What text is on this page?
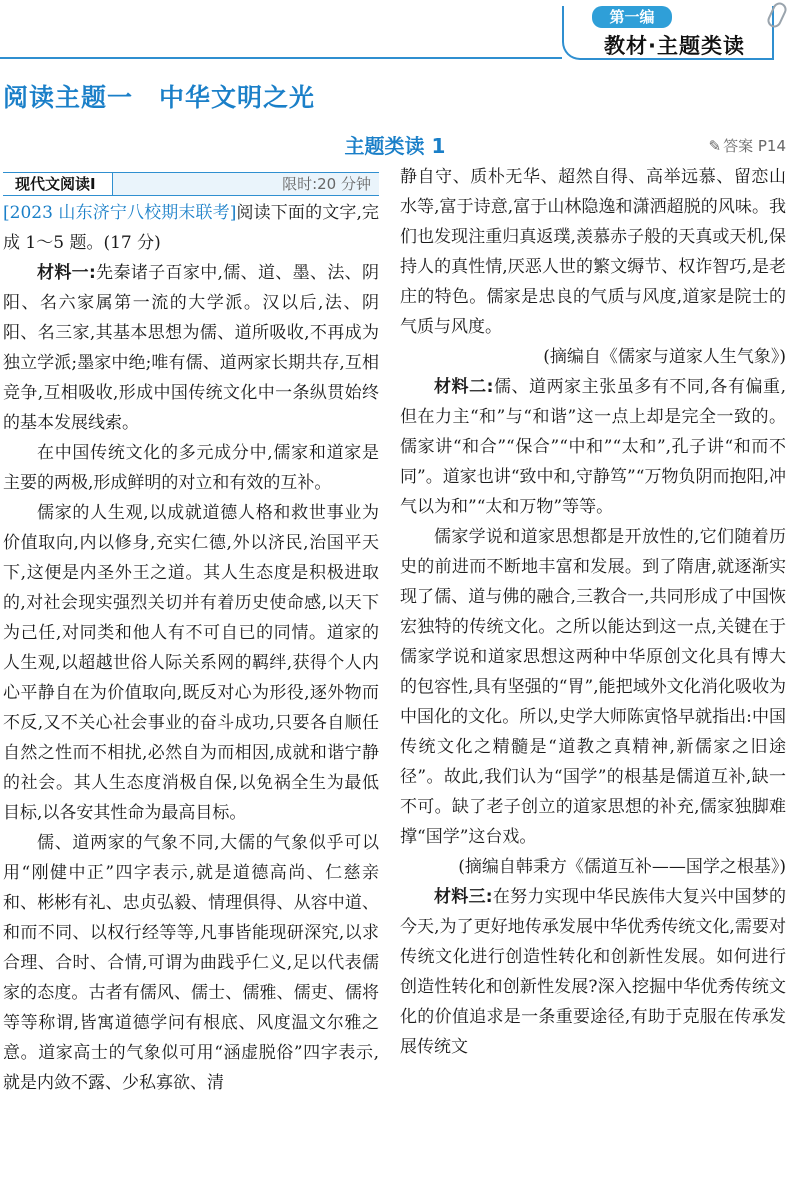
第一编
教材·主题类读
阅读主题一　中华文明之光
主题类读 1	✎ 答案 P14
现代文阅读Ⅰ	限时:20 分钟

[2023 山东济宁八校期末联考]阅读下面的文字,完成 1～5 题。(17 分)

材料一:先秦诸子百家中,儒、道、墨、法、阴阳、名六家属第一流的大学派。汉以后,法、阴阳、名三家,其基本思想为儒、道所吸收,不再成为独立学派;墨家中绝;唯有儒、道两家长期共存,互相竞争,互相吸收,形成中国传统文化中一条纵贯始终的基本发展线索。

在中国传统文化的多元成分中,儒家和道家是主要的两极,形成鲜明的对立和有效的互补。

儒家的人生观,以成就道德人格和救世事业为价值取向,内以修身,充实仁德,外以济民,治国平天下,这便是内圣外王之道。其人生态度是积极进取的,对社会现实强烈关切并有着历史使命感,以天下为己任,对同类和他人有不可自已的同情。道家的人生观,以超越世俗人际关系网的羁绊,获得个人内心平静自在为价值取向,既反对心为形役,逐外物而不反,又不关心社会事业的奋斗成功,只要各自顺任自然之性而不相扰,必然自为而相因,成就和谐宁静的社会。其人生态度消极自保,以免祸全生为最低目标,以各安其性命为最高目标。

儒、道两家的气象不同,大儒的气象似乎可以用“刚健中正”四字表示,就是道德高尚、仁慈亲和、彬彬有礼、忠贞弘毅、情理俱得、从容中道、和而不同、以权行经等等,凡事皆能现研深究,以求合理、合时、合情,可谓为曲践乎仁义,足以代表儒家的态度。古者有儒风、儒士、儒雅、儒吏、儒将等等称谓,皆寓道德学问有根底、风度温文尔雅之意。道家高士的气象似可用“涵虚脱俗”四字表示,就是内敛不露、少私寡欲、清

静自守、质朴无华、超然自得、高举远慕、留恋山水等,富于诗意,富于山林隐逸和潇洒超脱的风味。我们也发现注重归真返璞,羡慕赤子般的天真或天机,保持人的真性情,厌恶人世的繁文缛节、权诈智巧,是老庄的特色。儒家是忠良的气质与风度,道家是院士的气质与风度。

(摘编自《儒家与道家人生气象》)

材料二:儒、道两家主张虽多有不同,各有偏重,但在力主“和”与“和谐”这一点上却是完全一致的。儒家讲“和合”“保合”“中和”“太和”,孔子讲“和而不同”。道家也讲“致中和,守静笃”“万物负阴而抱阳,冲气以为和”“太和万物”等等。

儒家学说和道家思想都是开放性的,它们随着历史的前进而不断地丰富和发展。到了隋唐,就逐渐实现了儒、道与佛的融合,三教合一,共同形成了中国恢宏独特的传统文化。之所以能达到这一点,关键在于儒家学说和道家思想这两种中华原创文化具有博大的包容性,具有坚强的“胃”,能把域外文化消化吸收为中国化的文化。所以,史学大师陈寅恪早就指出:中国传统文化之精髓是“道教之真精神,新儒家之旧途径”。故此,我们认为“国学”的根基是儒道互补,缺一不可。缺了老子创立的道家思想的补充,儒家独脚难撑“国学”这台戏。

(摘编自韩秉方《儒道互补——国学之根基》)

材料三:在努力实现中华民族伟大复兴中国梦的今天,为了更好地传承发展中华优秀传统文化,需要对传统文化进行创造性转化和创新性发展。如何进行创造性转化和创新性发展?深入挖掘中华优秀传统文化的价值追求是一条重要途径,有助于克服在传承发展传统文
